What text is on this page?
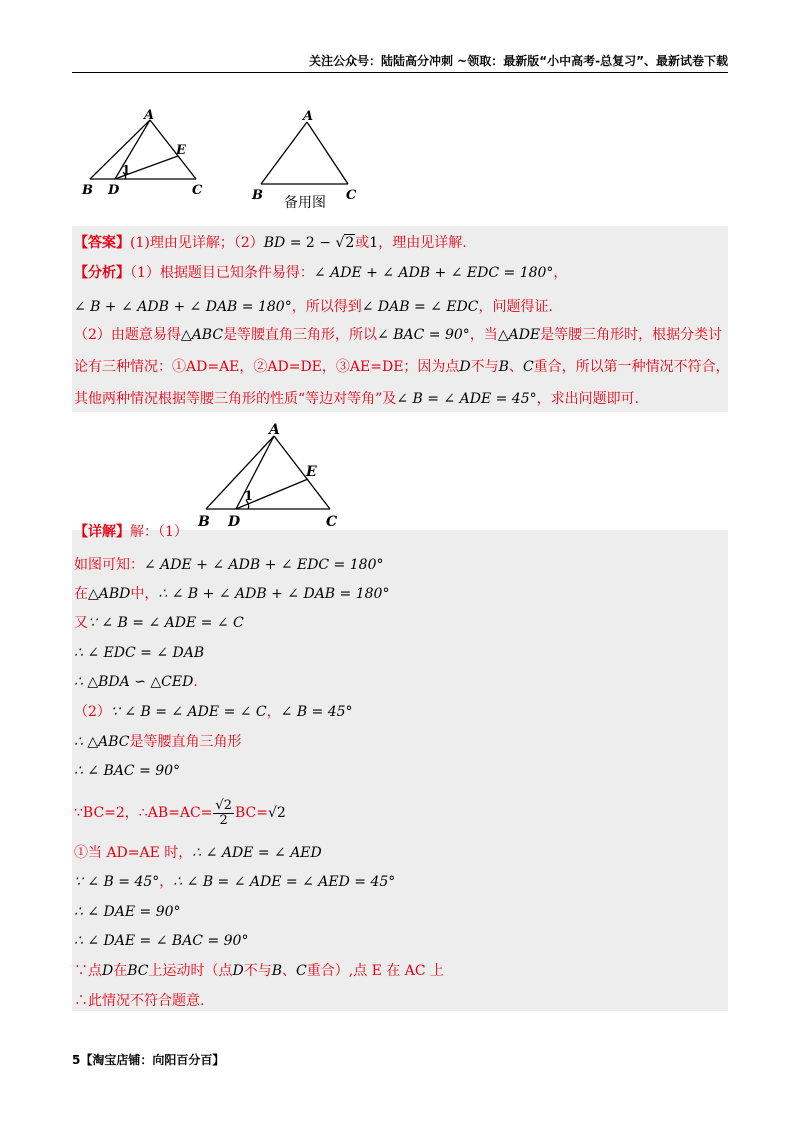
关注公众号：陆陆高分冲刺 ~领取：最新版“小中高考-总复习”、最新试卷下载
A
B	C
D
E
1
A
B	C
备用图
【答案】(1)理由见详解；（2）BD = 2 − √2或1，理由见详解.
【分析】（1）根据题目已知条件易得：∠ ADE + ∠ ADB + ∠ EDC = 180°，
∠ B + ∠ ADB + ∠ DAB = 180°，所以得到∠ DAB = ∠ EDC，问题得证.
（2）由题意易得△ABC是等腰直角三角形，所以∠ BAC = 90°，当△ADE是等腰三角形时，根据分类讨
论有三种情况：①AD=AE，②AD=DE，③AE=DE；因为点D不与B、C重合，所以第一种情况不符合，
其他两种情况根据等腰三角形的性质“等边对等角”及∠ B = ∠ ADE = 45°，求出问题即可.
A
B	C
D
E
1
【详解】解：（1）
如图可知：∠ ADE + ∠ ADB + ∠ EDC = 180°
在△ABD中，∴ ∠ B + ∠ ADB + ∠ DAB = 180°
又∵ ∠ B = ∠ ADE = ∠ C
∴ ∠ EDC = ∠ DAB
∴ △BDA ∽ △CED.
（2）∵ ∠ B = ∠ ADE = ∠ C，∠ B = 45°
∴ △ABC是等腰直角三角形
∴ ∠ BAC = 90°
∵BC=2，∴AB=AC= $\frac{√2}{2} BC=√2$
①当 AD=AE 时，∴ ∠ ADE = ∠ AED
∵ ∠ B = 45°，∴ ∠ B = ∠ ADE = ∠ AED = 45°
∴ ∠ DAE = 90°
∴ ∠ DAE = ∠ BAC = 90°
∵点D在BC上运动时（点D不与B、C重合）,点 E 在 AC 上
∴此情况不符合题意.
5【淘宝店铺：向阳百分百】
